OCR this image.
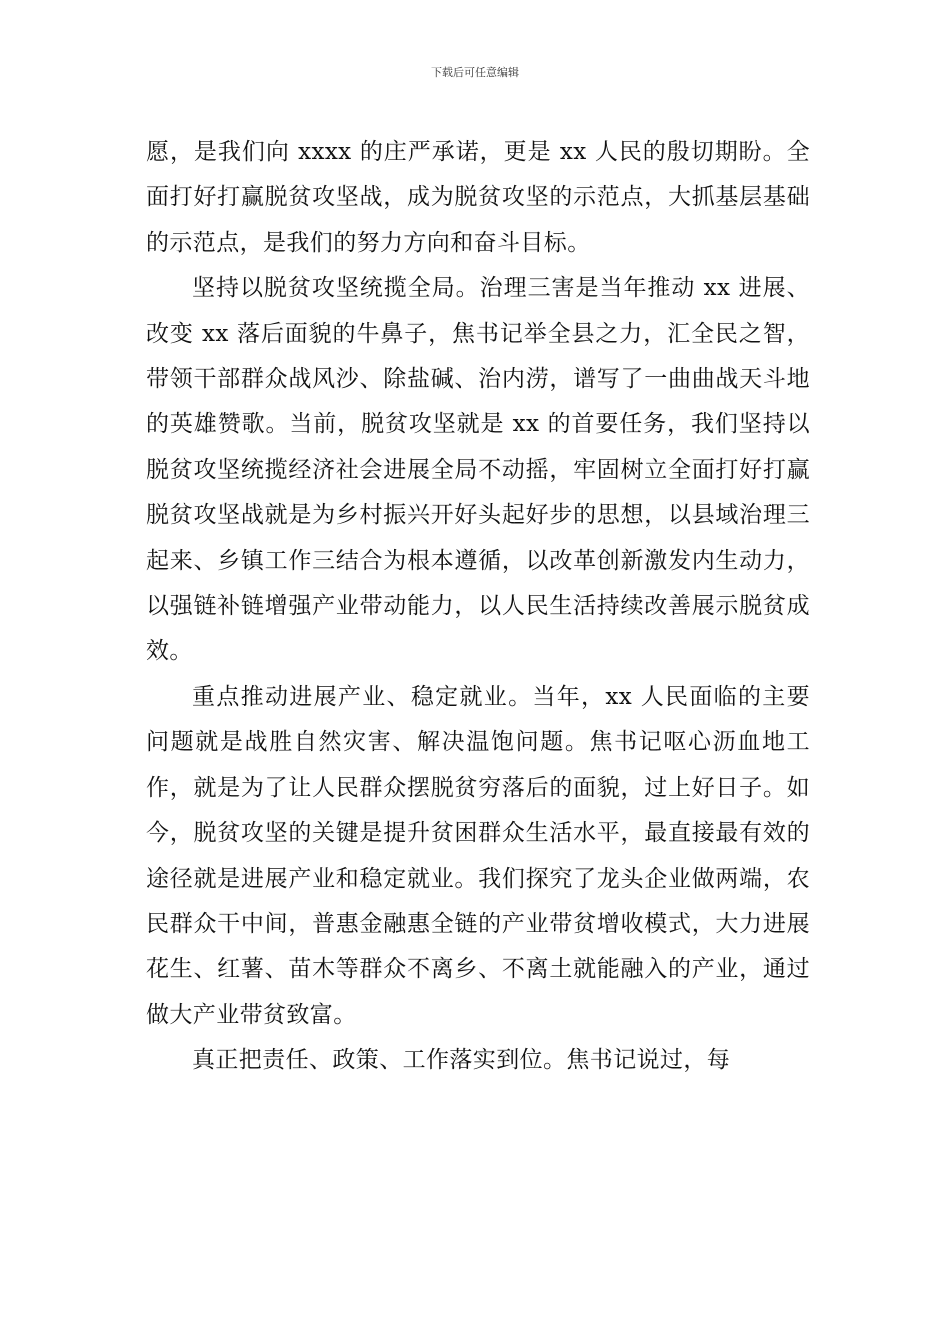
下载后可任意编辑

愿，是我们向 xxxx 的庄严承诺，更是 xx 人民的殷切期盼。全面打好打赢脱贫攻坚战，成为脱贫攻坚的示范点，大抓基层基础的示范点，是我们的努力方向和奋斗目标。

坚持以脱贫攻坚统揽全局。治理三害是当年推动 xx 进展、改变 xx 落后面貌的牛鼻子，焦书记举全县之力，汇全民之智，带领干部群众战风沙、除盐碱、治内涝，谱写了一曲曲战天斗地的英雄赞歌。当前，脱贫攻坚就是 xx 的首要任务，我们坚持以脱贫攻坚统揽经济社会进展全局不动摇，牢固树立全面打好打赢脱贫攻坚战就是为乡村振兴开好头起好步的思想，以县域治理三起来、乡镇工作三结合为根本遵循，以改革创新激发内生动力，以强链补链增强产业带动能力，以人民生活持续改善展示脱贫成效。

重点推动进展产业、稳定就业。当年，xx 人民面临的主要问题就是战胜自然灾害、解决温饱问题。焦书记呕心沥血地工作，就是为了让人民群众摆脱贫穷落后的面貌，过上好日子。如今，脱贫攻坚的关键是提升贫困群众生活水平，最直接最有效的途径就是进展产业和稳定就业。我们探究了龙头企业做两端，农民群众干中间，普惠金融惠全链的产业带贫增收模式，大力进展花生、红薯、苗木等群众不离乡、不离土就能融入的产业，通过做大产业带贫致富。

真正把责任、政策、工作落实到位。焦书记说过，每
